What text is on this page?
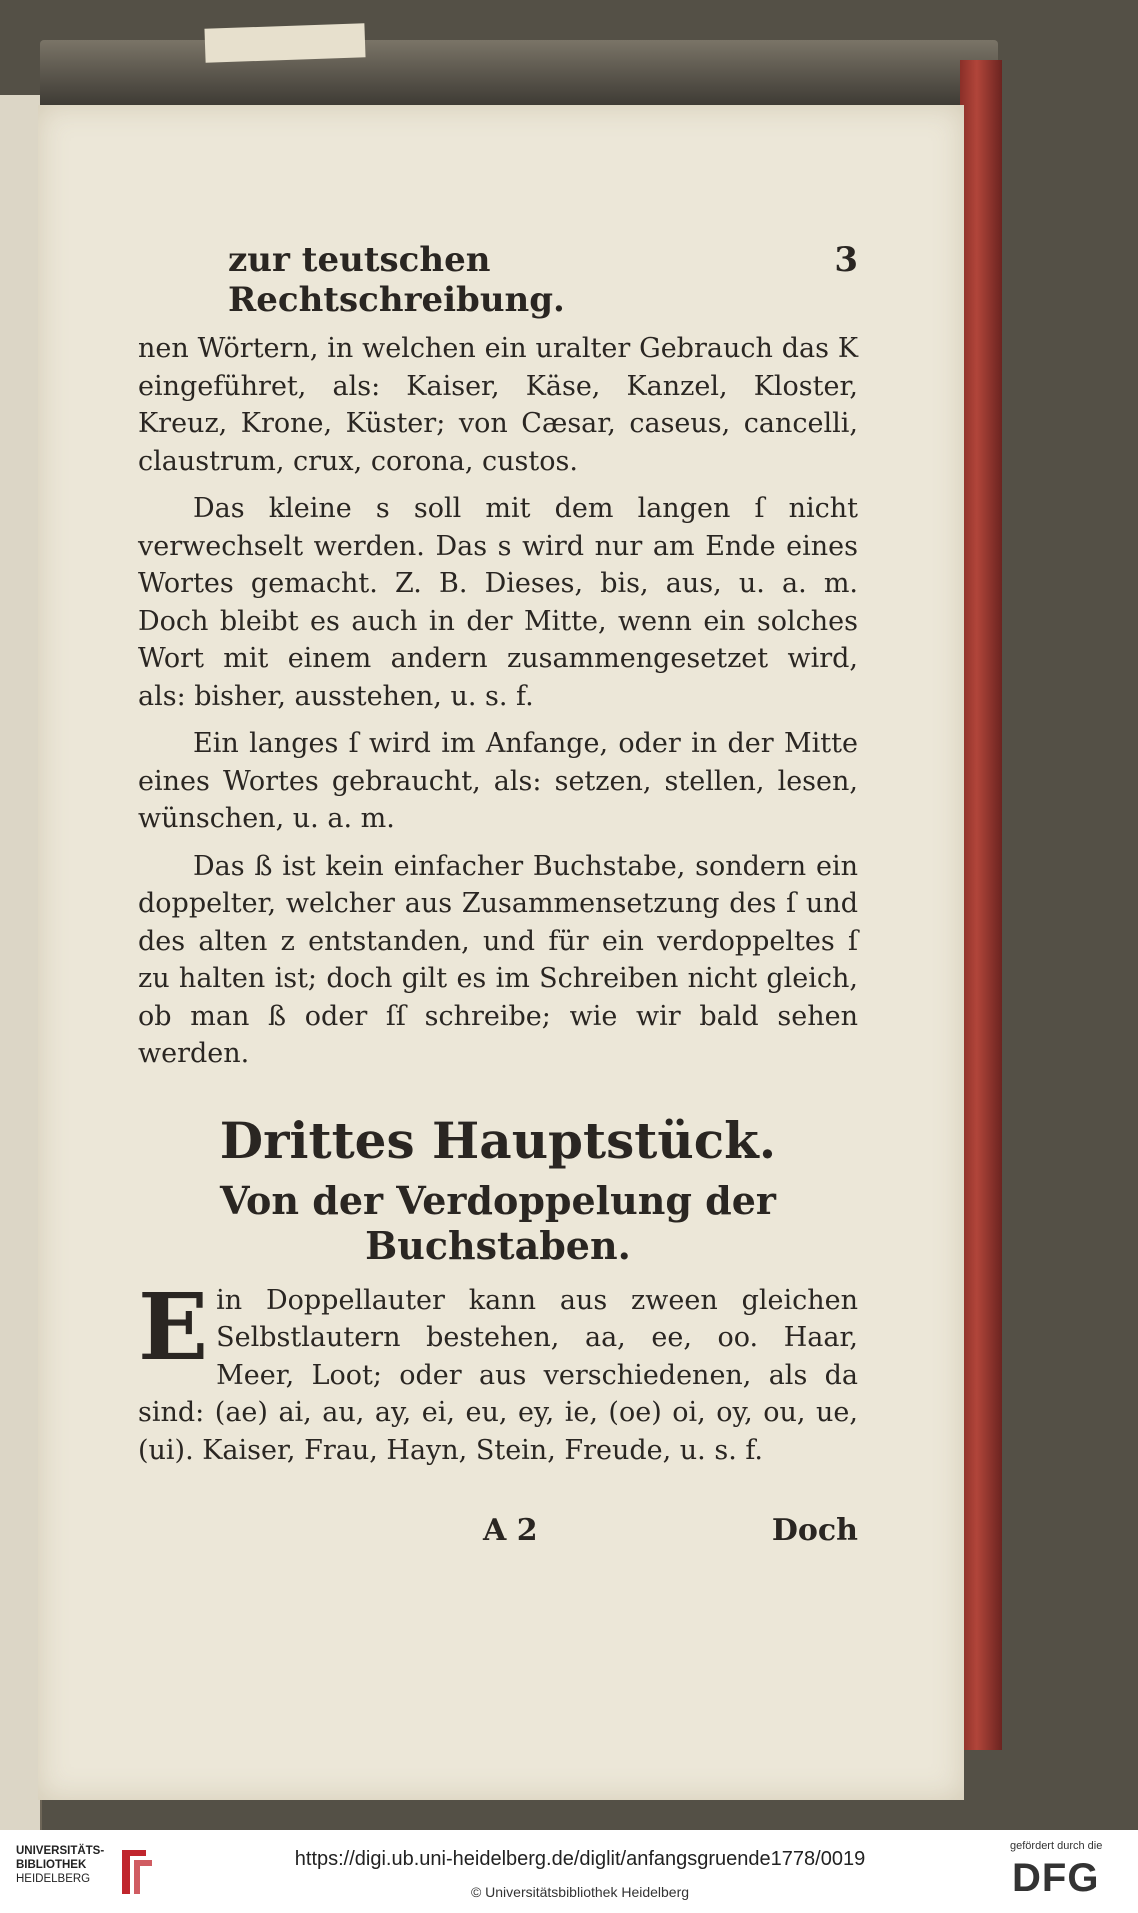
zur teutschen Rechtschreibung.
3

nen Wörtern, in welchen ein uralter Gebrauch das K eingeführet, als: Kaiser, Käse, Kanzel, Kloster, Kreuz, Krone, Küster; von Cæsar, caseus, cancelli, claustrum, crux, corona, custos.

Das kleine s soll mit dem langen ſ nicht verwechselt werden. Das s wird nur am Ende eines Wortes gemacht. Z. B. Dieses, bis, aus, u. a. m. Doch bleibt es auch in der Mitte, wenn ein solches Wort mit einem andern zusammengesetzet wird, als: bisher, ausstehen, u. s. f.

Ein langes ſ wird im Anfange, oder in der Mitte eines Wortes gebraucht, als: setzen, stellen, lesen, wünschen, u. a. m.

Das ß ist kein einfacher Buchstabe, sondern ein doppelter, welcher aus Zusammensetzung des ſ und des alten z entstanden, und für ein verdoppeltes ſ zu halten ist; doch gilt es im Schreiben nicht gleich, ob man ß oder ſſ schreibe; wie wir bald sehen werden.

Drittes Hauptstück.
Von der Verdoppelung der Buchstaben.

E in Doppellauter kann aus zween gleichen Selbstlautern bestehen, aa, ee, oo. Haar, Meer, Loot; oder aus verschiedenen, als da sind: (ae) ai, au, ay, ei, eu, ey, ie, (oe) oi, oy, ou, ue, (ui). Kaiser, Frau, Hayn, Stein, Freude, u. s. f.

A 2	Doch
UNIVERSITÄTS-
BIBLIOTHEK
HEIDELBERG
https://digi.ub.uni-heidelberg.de/diglit/anfangsgruende1778/0019
© Universitätsbibliothek Heidelberg
gefördert durch die
DFG
